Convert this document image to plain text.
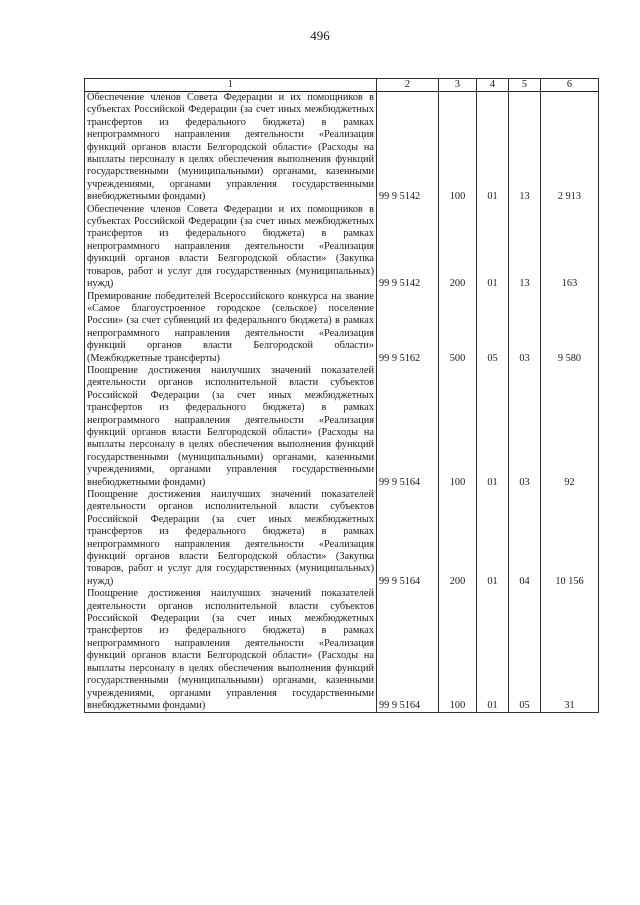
496
1	2	3	4	5	6
Обеспечение членов Совета Федерации и их помощников в субъектах Российской Федерации (за счет иных межбюджетных трансфертов из федерального бюджета) в рамках непрограммного направления деятельности «Реализация функций органов власти Белгородской области» (Расходы на выплаты персоналу в целях обеспечения выполнения функций государственными (муниципальными) органами, казенными учреждениями, органами управления государственными внебюджетными фондами)	99 9 5142	100	01	13	2 913
Обеспечение членов Совета Федерации и их помощников в субъектах Российской Федерации (за счет иных межбюджетных трансфертов из федерального бюджета) в рамках непрограммного направления деятельности «Реализация функций органов власти Белгородской области» (Закупка товаров, работ и услуг для государственных (муниципальных) нужд)	99 9 5142	200	01	13	163
Премирование победителей Всероссийского конкурса на звание «Самое благоустроенное городское (сельское) поселение России» (за счет субвенций из федерального бюджета) в рамках непрограммного направления деятельности «Реализация функций органов власти Белгородской области» (Межбюджетные трансферты)	99 9 5162	500	05	03	9 580
Поощрение достижения наилучших значений показателей деятельности органов исполнительной власти субъектов Российской Федерации (за счет иных межбюджетных трансфертов из федерального бюджета) в рамках непрограммного направления деятельности «Реализация функций органов власти Белгородской области» (Расходы на выплаты персоналу в целях обеспечения выполнения функций государственными (муниципальными) органами, казенными учреждениями, органами управления государственными внебюджетными фондами)	99 9 5164	100	01	03	92
Поощрение достижения наилучших значений показателей деятельности органов исполнительной власти субъектов Российской Федерации (за счет иных межбюджетных трансфертов из федерального бюджета) в рамках непрограммного направления деятельности «Реализация функций органов власти Белгородской области» (Закупка товаров, работ и услуг для государственных (муниципальных) нужд)	99 9 5164	200	01	04	10 156
Поощрение достижения наилучших значений показателей деятельности органов исполнительной власти субъектов Российской Федерации (за счет иных межбюджетных трансфертов из федерального бюджета) в рамках непрограммного направления деятельности «Реализация функций органов власти Белгородской области» (Расходы на выплаты персоналу в целях обеспечения выполнения функций государственными (муниципальными) органами, казенными учреждениями, органами управления государственными внебюджетными фондами)	99 9 5164	100	01	05	31
